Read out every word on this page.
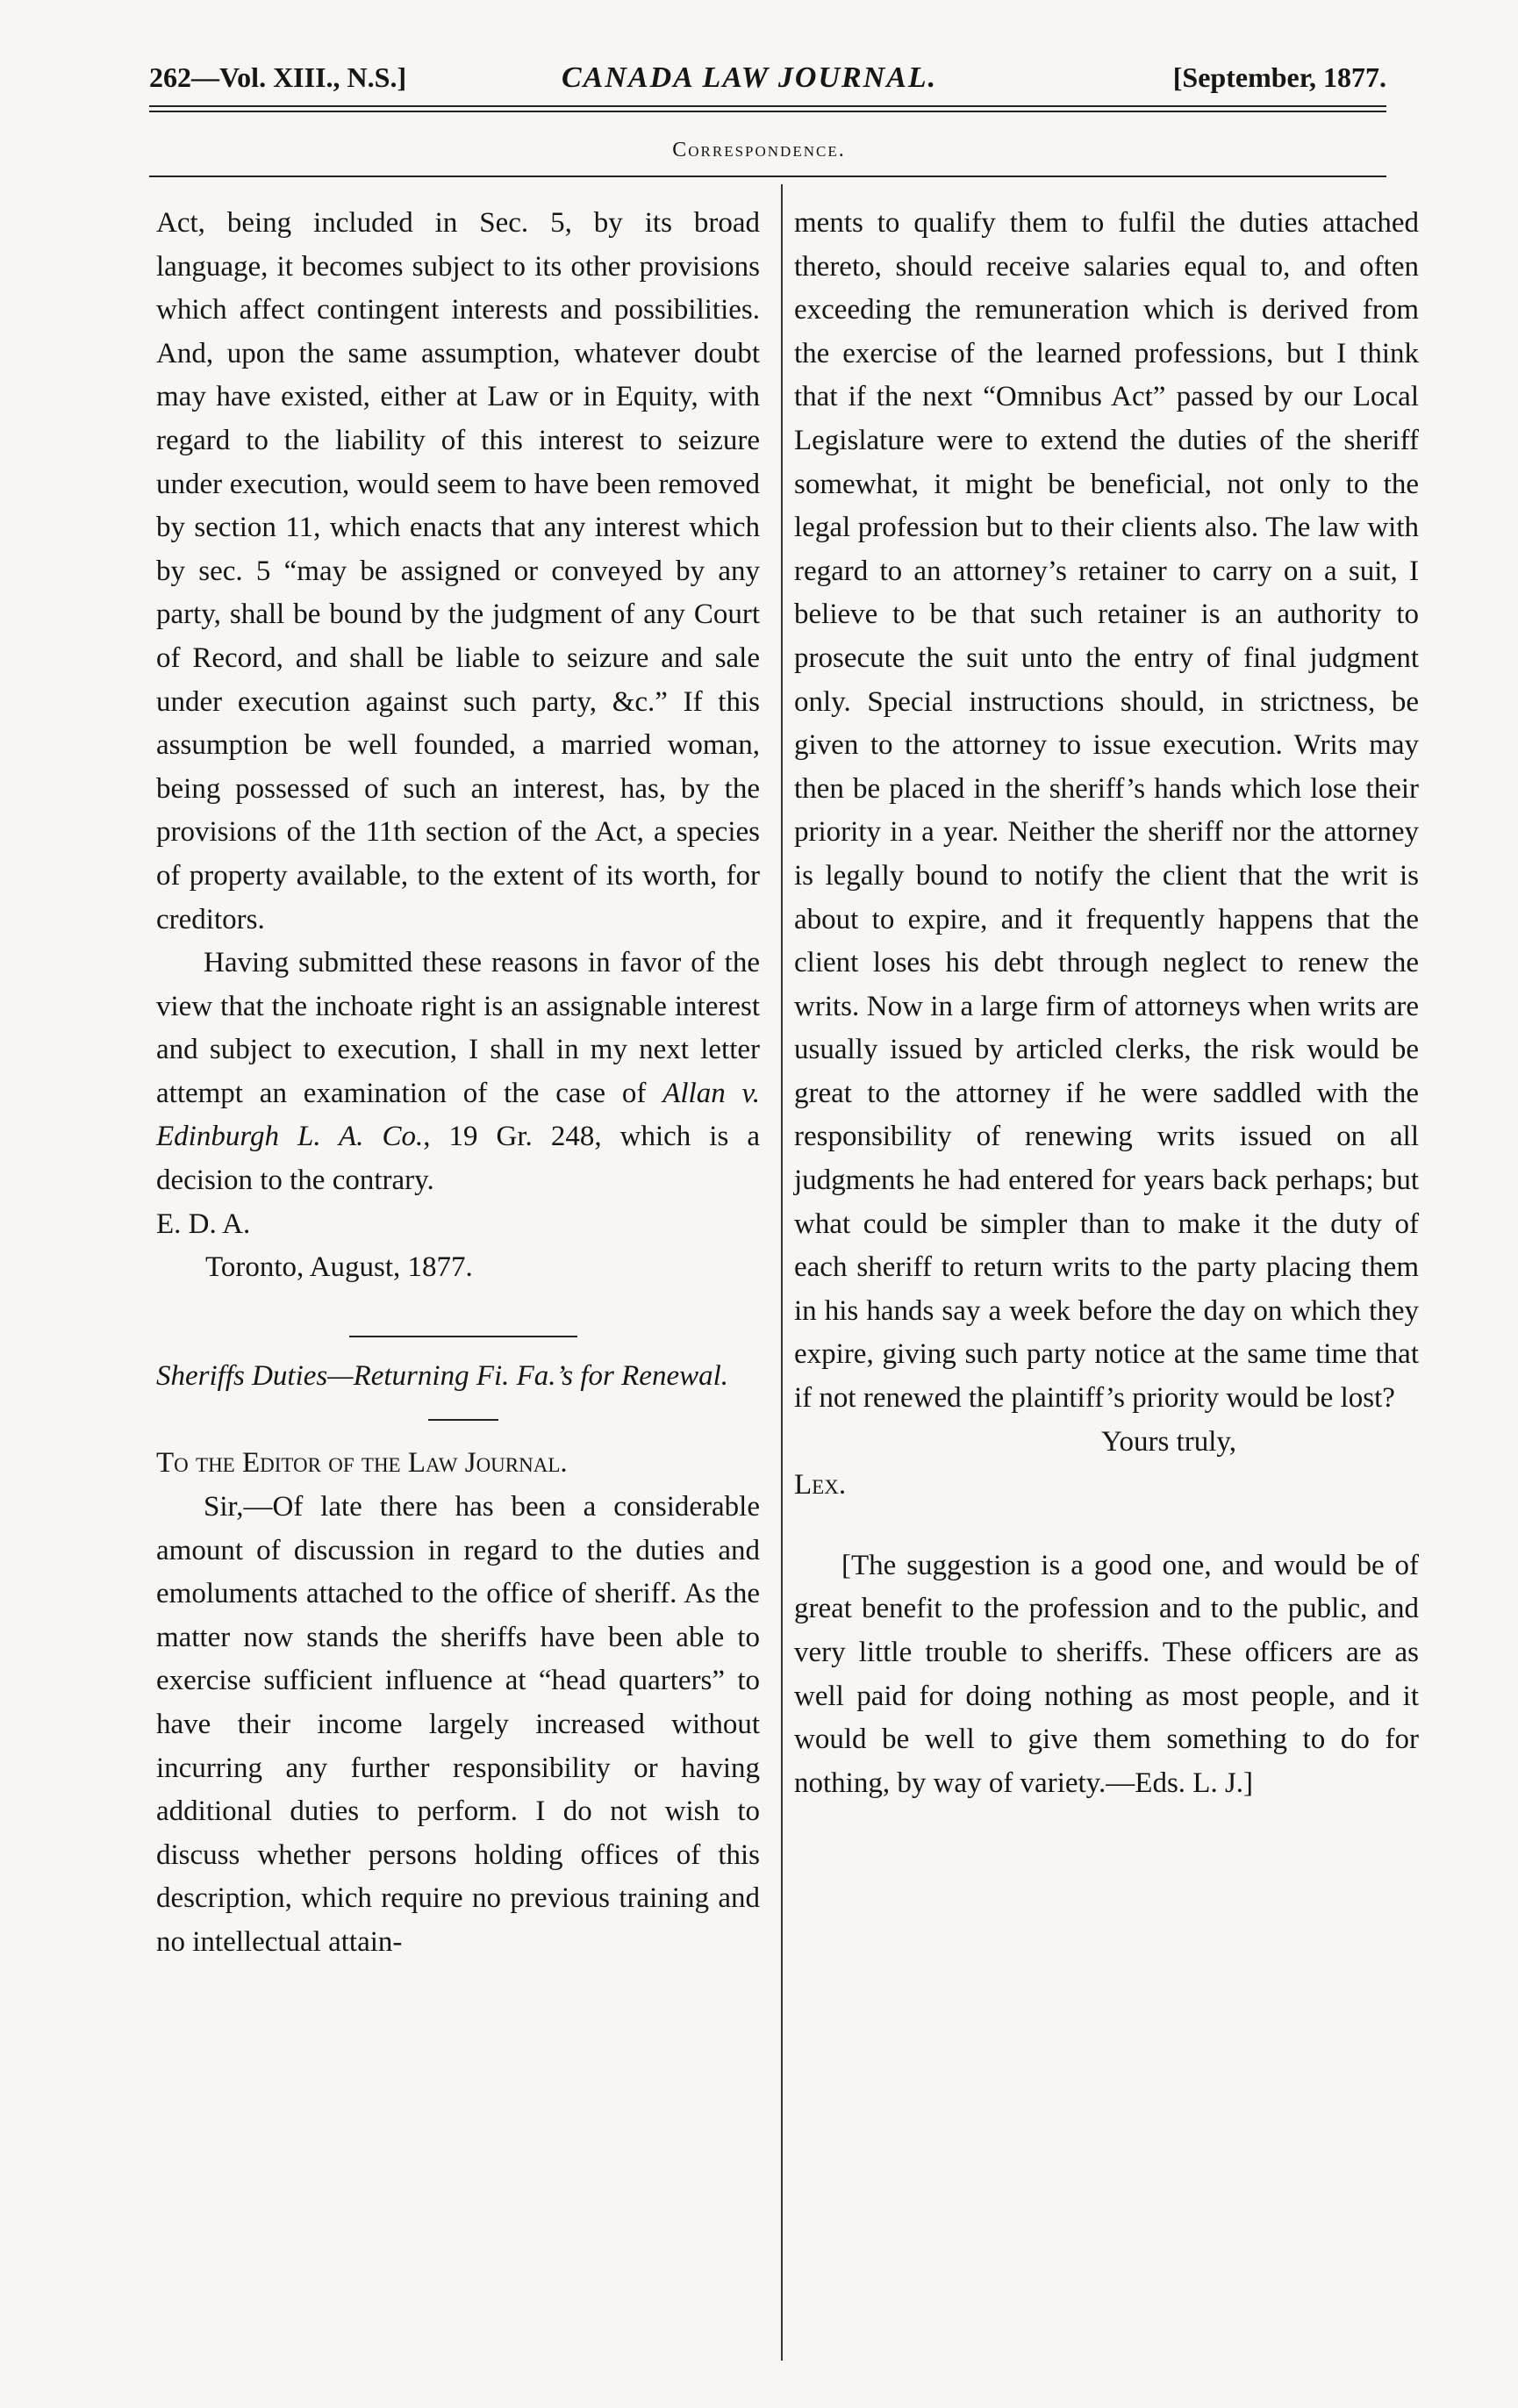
262—Vol. XIII., N.S.]	CANADA LAW JOURNAL.	[September, 1877.
Correspondence.

Act, being included in Sec. 5, by its broad language, it becomes subject to its other provisions which affect contingent interests and possibilities. And, upon the same assumption, whatever doubt may have existed, either at Law or in Equity, with regard to the liability of this interest to seizure under execution, would seem to have been removed by section 11, which enacts that any interest which by sec. 5 “may be assigned or conveyed by any party, shall be bound by the judgment of any Court of Record, and shall be liable to seizure and sale under execution against such party, &c.” If this assumption be well founded, a married woman, being possessed of such an interest, has, by the provisions of the 11th section of the Act, a species of property available, to the extent of its worth, for creditors.

Having submitted these reasons in favor of the view that the inchoate right is an assignable interest and subject to execution, I shall in my next letter attempt an examination of the case of Allan v. Edinburgh L. A. Co., 19 Gr. 248, which is a decision to the contrary.

E. D. A.

Toronto, August, 1877.

Sheriffs Duties—Returning Fi. Fa.’s for Renewal.

To the Editor of the Law Journal.

Sir,—Of late there has been a considerable amount of discussion in regard to the duties and emoluments attached to the office of sheriff. As the matter now stands the sheriffs have been able to exercise sufficient influence at “head quarters” to have their income largely increased without incurring any further responsibility or having additional duties to perform. I do not wish to discuss whether persons holding offices of this description, which require no previous training and no intellectual attain-

ments to qualify them to fulfil the duties attached thereto, should receive salaries equal to, and often exceeding the remuneration which is derived from the exercise of the learned professions, but I think that if the next “Omnibus Act” passed by our Local Legislature were to extend the duties of the sheriff somewhat, it might be beneficial, not only to the legal profession but to their clients also. The law with regard to an attorney’s retainer to carry on a suit, I believe to be that such retainer is an authority to prosecute the suit unto the entry of final judgment only. Special instructions should, in strictness, be given to the attorney to issue execution. Writs may then be placed in the sheriff’s hands which lose their priority in a year. Neither the sheriff nor the attorney is legally bound to notify the client that the writ is about to expire, and it frequently happens that the client loses his debt through neglect to renew the writs. Now in a large firm of attorneys when writs are usually issued by articled clerks, the risk would be great to the attorney if he were saddled with the responsibility of renewing writs issued on all judgments he had entered for years back perhaps; but what could be simpler than to make it the duty of each sheriff to return writs to the party placing them in his hands say a week before the day on which they expire, giving such party notice at the same time that if not renewed the plaintiff’s priority would be lost?

Yours truly,

Lex.

[The suggestion is a good one, and would be of great benefit to the profession and to the public, and very little trouble to sheriffs. These officers are as well paid for doing nothing as most people, and it would be well to give them something to do for nothing, by way of variety.—Eds. L. J.]
